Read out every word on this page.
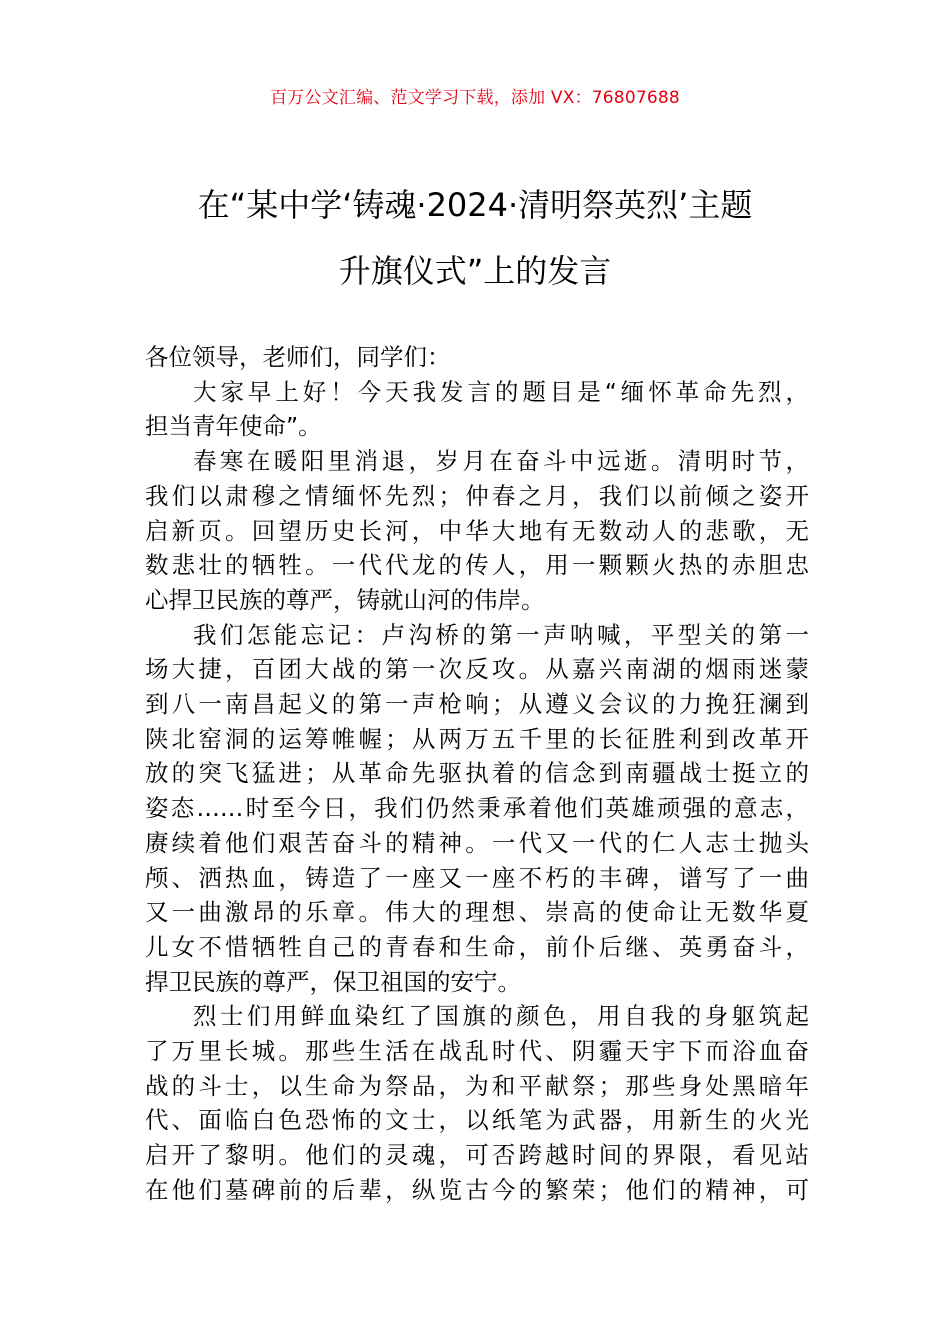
百万公文汇编、范文学习下载，添加 VX：76807688
在“某中学‘铸魂·2024·清明祭英烈’主题
升旗仪式”上的发言
各位领导，老师们，同学们：
大家早上好！今天我发言的题目是“缅怀革命先烈，
担当青年使命”。
春寒在暖阳里消退，岁月在奋斗中远逝。清明时节，
我们以肃穆之情缅怀先烈；仲春之月，我们以前倾之姿开
启新页。回望历史长河，中华大地有无数动人的悲歌，无
数悲壮的牺牲。一代代龙的传人，用一颗颗火热的赤胆忠
心捍卫民族的尊严，铸就山河的伟岸。
我们怎能忘记：卢沟桥的第一声呐喊，平型关的第一
场大捷，百团大战的第一次反攻。从嘉兴南湖的烟雨迷蒙
到八一南昌起义的第一声枪响；从遵义会议的力挽狂澜到
陕北窑洞的运筹帷幄；从两万五千里的长征胜利到改革开
放的突飞猛进；从革命先驱执着的信念到南疆战士挺立的
姿态……时至今日，我们仍然秉承着他们英雄顽强的意志，
赓续着他们艰苦奋斗的精神。一代又一代的仁人志士抛头
颅、洒热血，铸造了一座又一座不朽的丰碑，谱写了一曲
又一曲激昂的乐章。伟大的理想、崇高的使命让无数华夏
儿女不惜牺牲自己的青春和生命，前仆后继、英勇奋斗，
捍卫民族的尊严，保卫祖国的安宁。
烈士们用鲜血染红了国旗的颜色，用自我的身躯筑起
了万里长城。那些生活在战乱时代、阴霾天宇下而浴血奋
战的斗士，以生命为祭品，为和平献祭；那些身处黑暗年
代、面临白色恐怖的文士，以纸笔为武器，用新生的火光
启开了黎明。他们的灵魂，可否跨越时间的界限，看见站
在他们墓碑前的后辈，纵览古今的繁荣；他们的精神，可
